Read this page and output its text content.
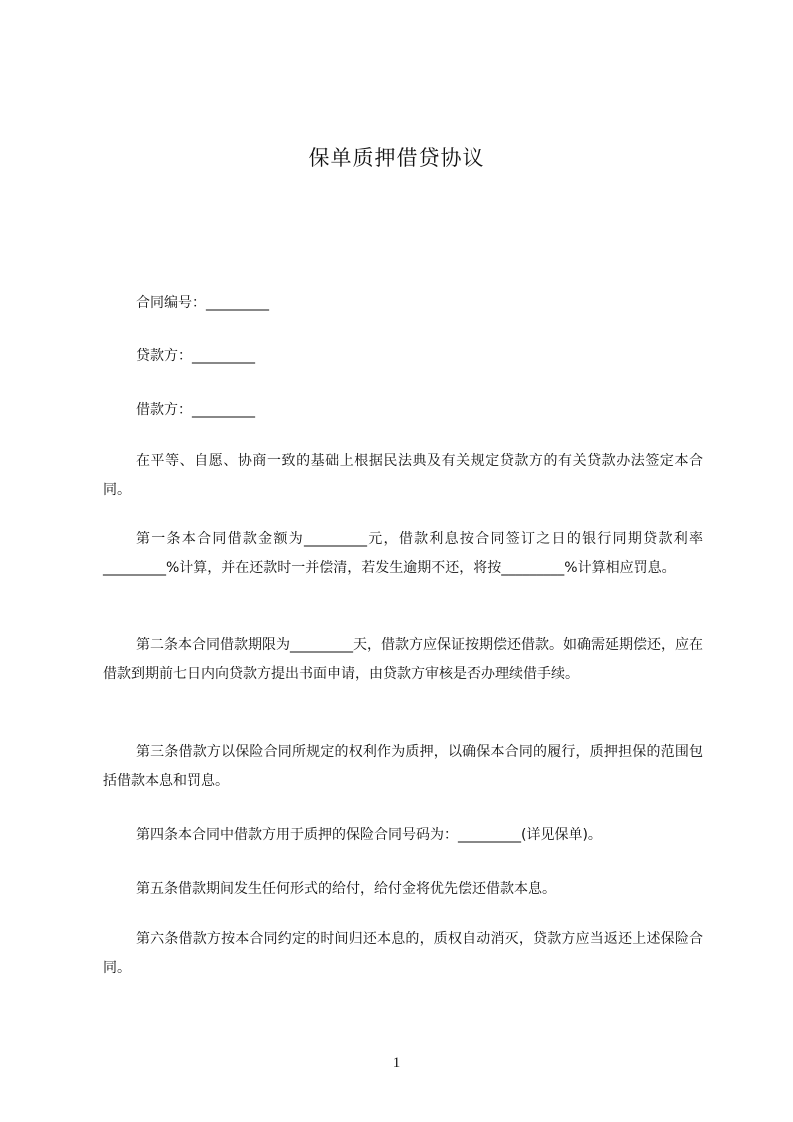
保单质押借贷协议
合同编号：_________
贷款方：_________
借款方：_________
在平等、自愿、协商一致的基础上根据民法典及有关规定贷款方的有关贷款办法签定本合同。
第一条本合同借款金额为_________元，借款利息按合同签订之日的银行同期贷款利率_________%计算，并在还款时一并偿清，若发生逾期不还，将按_________%计算相应罚息。
第二条本合同借款期限为_________天，借款方应保证按期偿还借款。如确需延期偿还，应在借款到期前七日内向贷款方提出书面申请，由贷款方审核是否办理续借手续。
第三条借款方以保险合同所规定的权利作为质押，以确保本合同的履行，质押担保的范围包括借款本息和罚息。
第四条本合同中借款方用于质押的保险合同号码为：_________(详见保单)。
第五条借款期间发生任何形式的给付，给付金将优先偿还借款本息。
第六条借款方按本合同约定的时间归还本息的，质权自动消灭，贷款方应当返还上述保险合同。
1
